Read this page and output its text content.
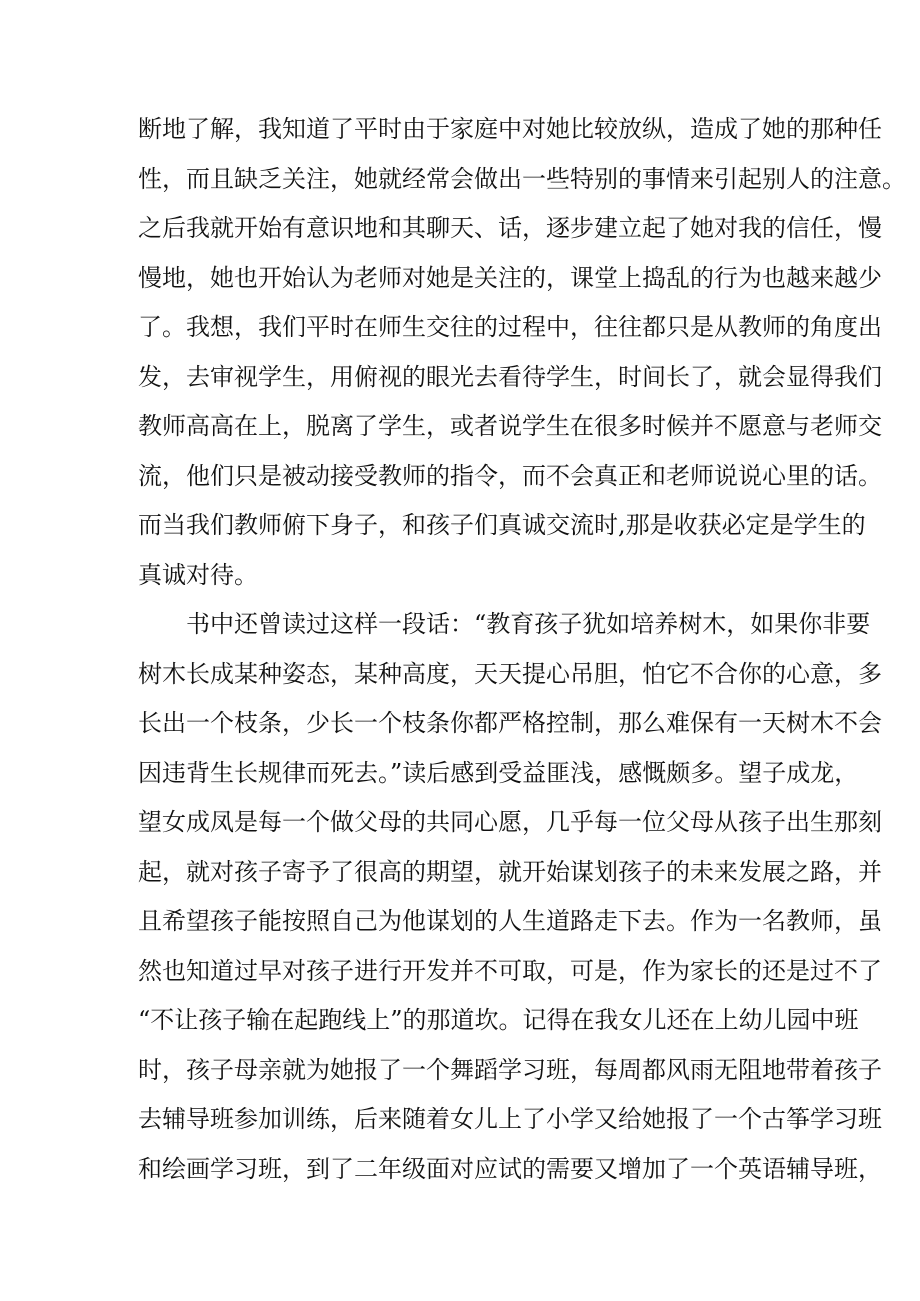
断地了解，我知道了平时由于家庭中对她比较放纵，造成了她的那种任
性，而且缺乏关注，她就经常会做出一些特别的事情来引起别人的注意。
之后我就开始有意识地和其聊天、话，逐步建立起了她对我的信任，慢
慢地，她也开始认为老师对她是关注的，课堂上捣乱的行为也越来越少
了。我想，我们平时在师生交往的过程中，往往都只是从教师的角度出
发，去审视学生，用俯视的眼光去看待学生，时间长了，就会显得我们
教师高高在上，脱离了学生，或者说学生在很多时候并不愿意与老师交
流，他们只是被动接受教师的指令，而不会真正和老师说说心里的话。
而当我们教师俯下身子，和孩子们真诚交流时,那是收获必定是学生的
真诚对待。
书中还曾读过这样一段话：“教育孩子犹如培养树木，如果你非要
树木长成某种姿态，某种高度，天天提心吊胆，怕它不合你的心意，多
长出一个枝条，少长一个枝条你都严格控制，那么难保有一天树木不会
因违背生长规律而死去。”读后感到受益匪浅，感慨颇多。望子成龙，
望女成凤是每一个做父母的共同心愿，几乎每一位父母从孩子出生那刻
起，就对孩子寄予了很高的期望，就开始谋划孩子的未来发展之路，并
且希望孩子能按照自己为他谋划的人生道路走下去。作为一名教师，虽
然也知道过早对孩子进行开发并不可取，可是，作为家长的还是过不了
“不让孩子输在起跑线上”的那道坎。记得在我女儿还在上幼儿园中班
时，孩子母亲就为她报了一个舞蹈学习班，每周都风雨无阻地带着孩子
去辅导班参加训练，后来随着女儿上了小学又给她报了一个古筝学习班
和绘画学习班，到了二年级面对应试的需要又增加了一个英语辅导班，
